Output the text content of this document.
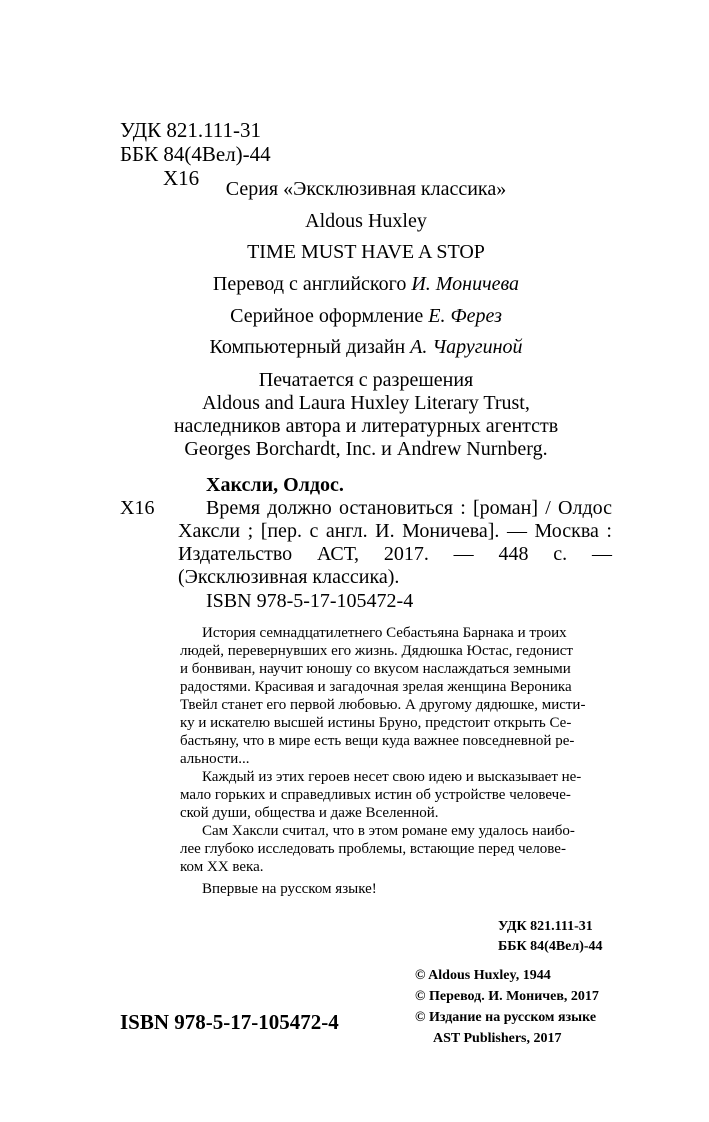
УДК 821.111-31
ББК 84(4Вел)-44
Х16	Серия «Эксклюзивная классика»
Aldous Huxley
TIME MUST HAVE A STOP
Перевод с английского И. Моничева
Серийное оформление Е. Ферез
Компьютерный дизайн А. Чаругиной
Печатается с разрешения
Aldous and Laura Huxley Literary Trust,
наследников автора и литературных агентств
Georges Borchardt, Inc. и Andrew Nurnberg.
Хаксли, Олдос.
Х16	Время должно остановиться : [роман] / Олдос Хаксли ; [пер. с англ. И. Моничева]. — Москва : Издательство АСТ, 2017. — 448 с. — (Эксклюзивная классика).
ISBN 978-5-17-105472-4
История семнадцатилетнего Себастьяна Барнака и троих
людей, перевернувших его жизнь. Дядюшка Юстас, гедонист
и бонвиван, научит юношу со вкусом наслаждаться земными
радостями. Красивая и загадочная зрелая женщина Вероника
Твейл станет его первой любовью. А другому дядюшке, мисти-
ку и искателю высшей истины Бруно, предстоит открыть Се-
бастьяну, что в мире есть вещи куда важнее повседневной ре-
альности...
Каждый из этих героев несет свою идею и высказывает не-
мало горьких и справедливых истин об устройстве человече-
ской души, общества и даже Вселенной.
Сам Хаксли считал, что в этом романе ему удалось наибо-
лее глубоко исследовать проблемы, встающие перед челове-
ком XX века.
Впервые на русском языке!
УДК 821.111-31
ББК 84(4Вел)-44
© Aldous Huxley, 1944
© Перевод. И. Моничев, 2017
© Издание на русском языке
AST Publishers, 2017
ISBN 978-5-17-105472-4
